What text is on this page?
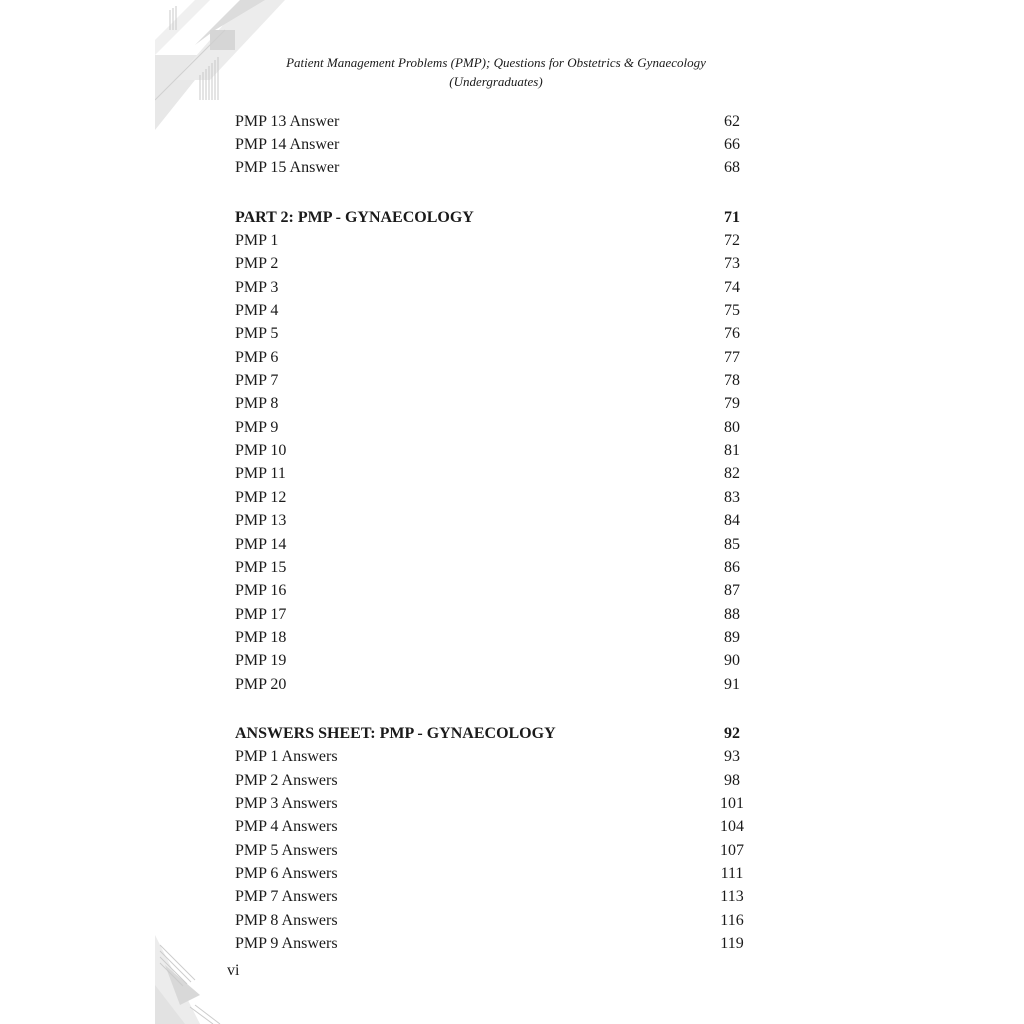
Patient Management Problems (PMP); Questions for Obstetrics & Gynaecology
(Undergraduates)
PMP 13 Answer	62
PMP 14 Answer	66
PMP 15 Answer	68
PART 2: PMP - GYNAECOLOGY	71
PMP 1	72
PMP 2	73
PMP 3	74
PMP 4	75
PMP 5	76
PMP 6	77
PMP 7	78
PMP 8	79
PMP 9	80
PMP 10	81
PMP 11	82
PMP 12	83
PMP 13	84
PMP 14	85
PMP 15	86
PMP 16	87
PMP 17	88
PMP 18	89
PMP 19	90
PMP 20	91
ANSWERS SHEET: PMP - GYNAECOLOGY	92
PMP 1 Answers	93
PMP 2 Answers	98
PMP 3 Answers	101
PMP 4 Answers	104
PMP 5 Answers	107
PMP 6 Answers	111
PMP 7 Answers	113
PMP 8 Answers	116
PMP 9 Answers	119
vi
